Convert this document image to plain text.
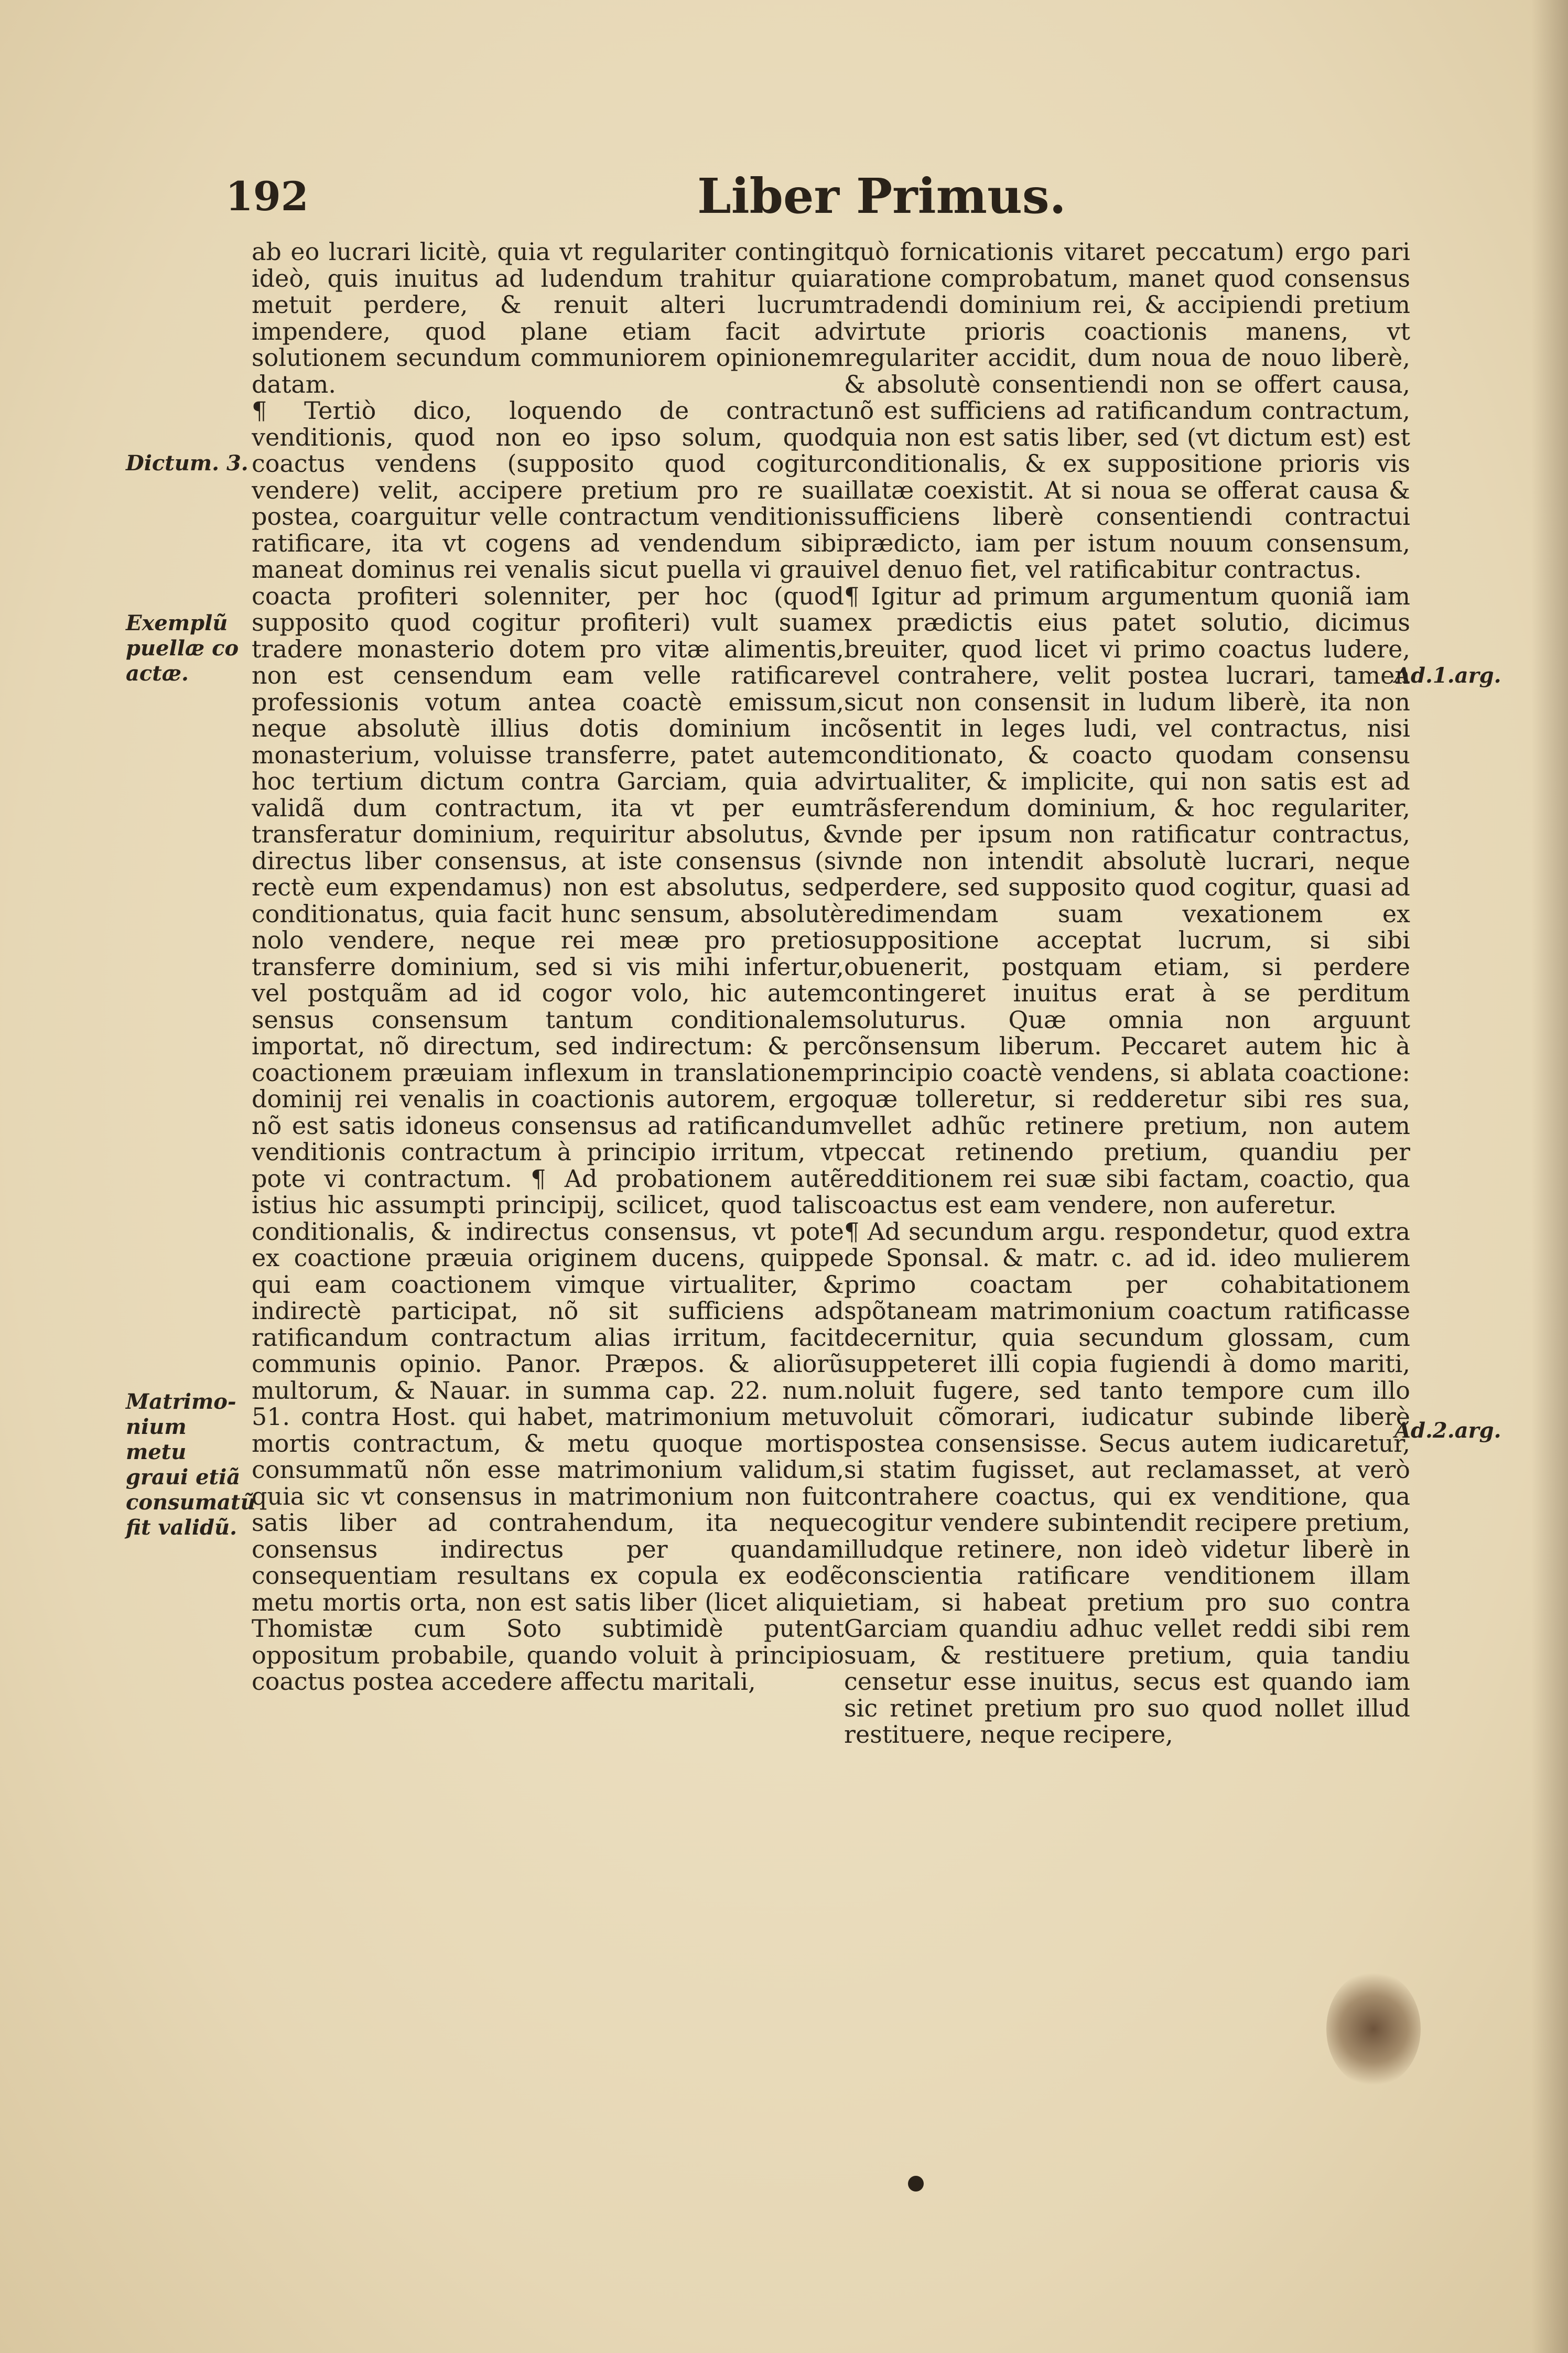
192	Liber Primus.
Dictum. 3.
Exemplũ
puellæ co
actæ.
Matrimo-
nium metu
graui etiã
consumatũ
fit validũ.
Ad.1.arg.
Ad.2.arg.

ab eo lucrari licitè, quia vt regulariter contingit ideò, quis inuitus ad ludendum trahitur quia metuit perdere, & renuit alteri lucrum impendere, quod plane etiam facit ad solutionem secundum communiorem opinionem datam.

¶ Tertiò dico, loquendo de contractu venditionis, quod non eo ipso solum, quod coactus vendens (supposito quod cogitur vendere) velit, accipere pretium pro re sua postea, coarguitur velle contractum venditionis ratificare, ita vt cogens ad vendendum sibi maneat dominus rei venalis sicut puella vi graui coacta profiteri solenniter, per hoc (quod supposito quod cogitur profiteri) vult suam tradere monasterio dotem pro vitæ alimentis, non est censendum eam velle ratificare professionis votum antea coactè emissum, neque absolutè illius dotis dominium in monasterium, voluisse transferre, patet autem hoc tertium dictum contra Garciam, quia ad validã dum contractum, ita vt per eum transferatur dominium, requiritur absolutus, & directus liber consensus, at iste consensus (si rectè eum expendamus) non est absolutus, sed conditionatus, quia facit hunc sensum, absolutè nolo vendere, neque rei meæ pro pretio transferre dominium, sed si vis mihi infertur, vel postquãm ad id cogor volo, hic autem sensus consensum tantum conditionalem importat, nõ directum, sed indirectum: & per coactionem præuiam inflexum in translationem dominij rei venalis in coactionis autorem, ergo nõ est satis idoneus consensus ad ratificandum venditionis contractum à principio irritum, vt pote vi contractum. ¶ Ad probationem autẽ istius hic assumpti principij, scilicet, quod talis conditionalis, & indirectus consensus, vt pote ex coactione præuia originem ducens, quippe qui eam coactionem vimque virtualiter, & indirectè participat, nõ sit sufficiens ad ratificandum contractum alias irritum, facit communis opinio. Panor. Præpos. & aliorũ multorum, & Nauar. in summa cap. 22. num. 51. contra Host. qui habet, matrimonium metu mortis contractum, & metu quoque mortis consummatũ nõn esse matrimonium validum, quia sic vt consensus in matrimonium non fuit satis liber ad contrahendum, ita neque consensus indirectus per quandam consequentiam resultans ex copula ex eodẽ metu mortis orta, non est satis liber (licet aliqui Thomistæ cum Soto subtimidè putent oppositum probabile, quando voluit à principio coactus postea accedere affectu maritali,

quò fornicationis vitaret peccatum) ergo pari ratione comprobatum, manet quod consensus tradendi dominium rei, & accipiendi pretium virtute prioris coactionis manens, vt regulariter accidit, dum noua de nouo liberè, & absolutè consentiendi non se offert causa, nõ est sufficiens ad ratificandum contractum, quia non est satis liber, sed (vt dictum est) est conditionalis, & ex suppositione prioris vis illatæ coexistit. At si noua se offerat causa & sufficiens liberè consentiendi contractui prædicto, iam per istum nouum consensum, vel denuo fiet, vel ratificabitur contractus.

¶ Igitur ad primum argumentum quoniã iam ex prædictis eius patet solutio, dicimus breuiter, quod licet vi primo coactus ludere, vel contrahere, velit postea lucrari, tamen sicut non consensit in ludum liberè, ita non cõsentit in leges ludi, vel contractus, nisi conditionato, & coacto quodam consensu virtualiter, & implicite, qui non satis est ad trãsferendum dominium, & hoc regulariter, vnde per ipsum non ratificatur contractus, vnde non intendit absolutè lucrari, neque perdere, sed supposito quod cogitur, quasi ad redimendam suam vexationem ex suppositione acceptat lucrum, si sibi obuenerit, postquam etiam, si perdere contingeret inuitus erat à se perditum soluturus. Quæ omnia non arguunt cõnsensum liberum. Peccaret autem hic à principio coactè vendens, si ablata coactione: quæ tolleretur, si redderetur sibi res sua, vellet adhũc retinere pretium, non autem peccat retinendo pretium, quandiu per redditionem rei suæ sibi factam, coactio, qua coactus est eam vendere, non auferetur.

¶ Ad secundum argu. respondetur, quod extra de Sponsal. & matr. c. ad id. ideo mulierem primo coactam per cohabitationem spõtaneam matrimonium coactum ratificasse decernitur, quia secundum glossam, cum suppeteret illi copia fugiendi à domo mariti, noluit fugere, sed tanto tempore cum illo voluit cõmorari, iudicatur subinde liberè postea consensisse. Secus autem iudicaretur, si statim fugisset, aut reclamasset, at verò contrahere coactus, qui ex venditione, qua cogitur vendere subintendit recipere pretium, illudque retinere, non ideò videtur liberè in conscientia ratificare venditionem illam etiam, si habeat pretium pro suo contra Garciam quandiu adhuc vellet reddi sibi rem suam, & restituere pretium, quia tandiu censetur esse inuitus, secus est quando iam sic retinet pretium pro suo quod nollet illud restituere, neque recipere,
